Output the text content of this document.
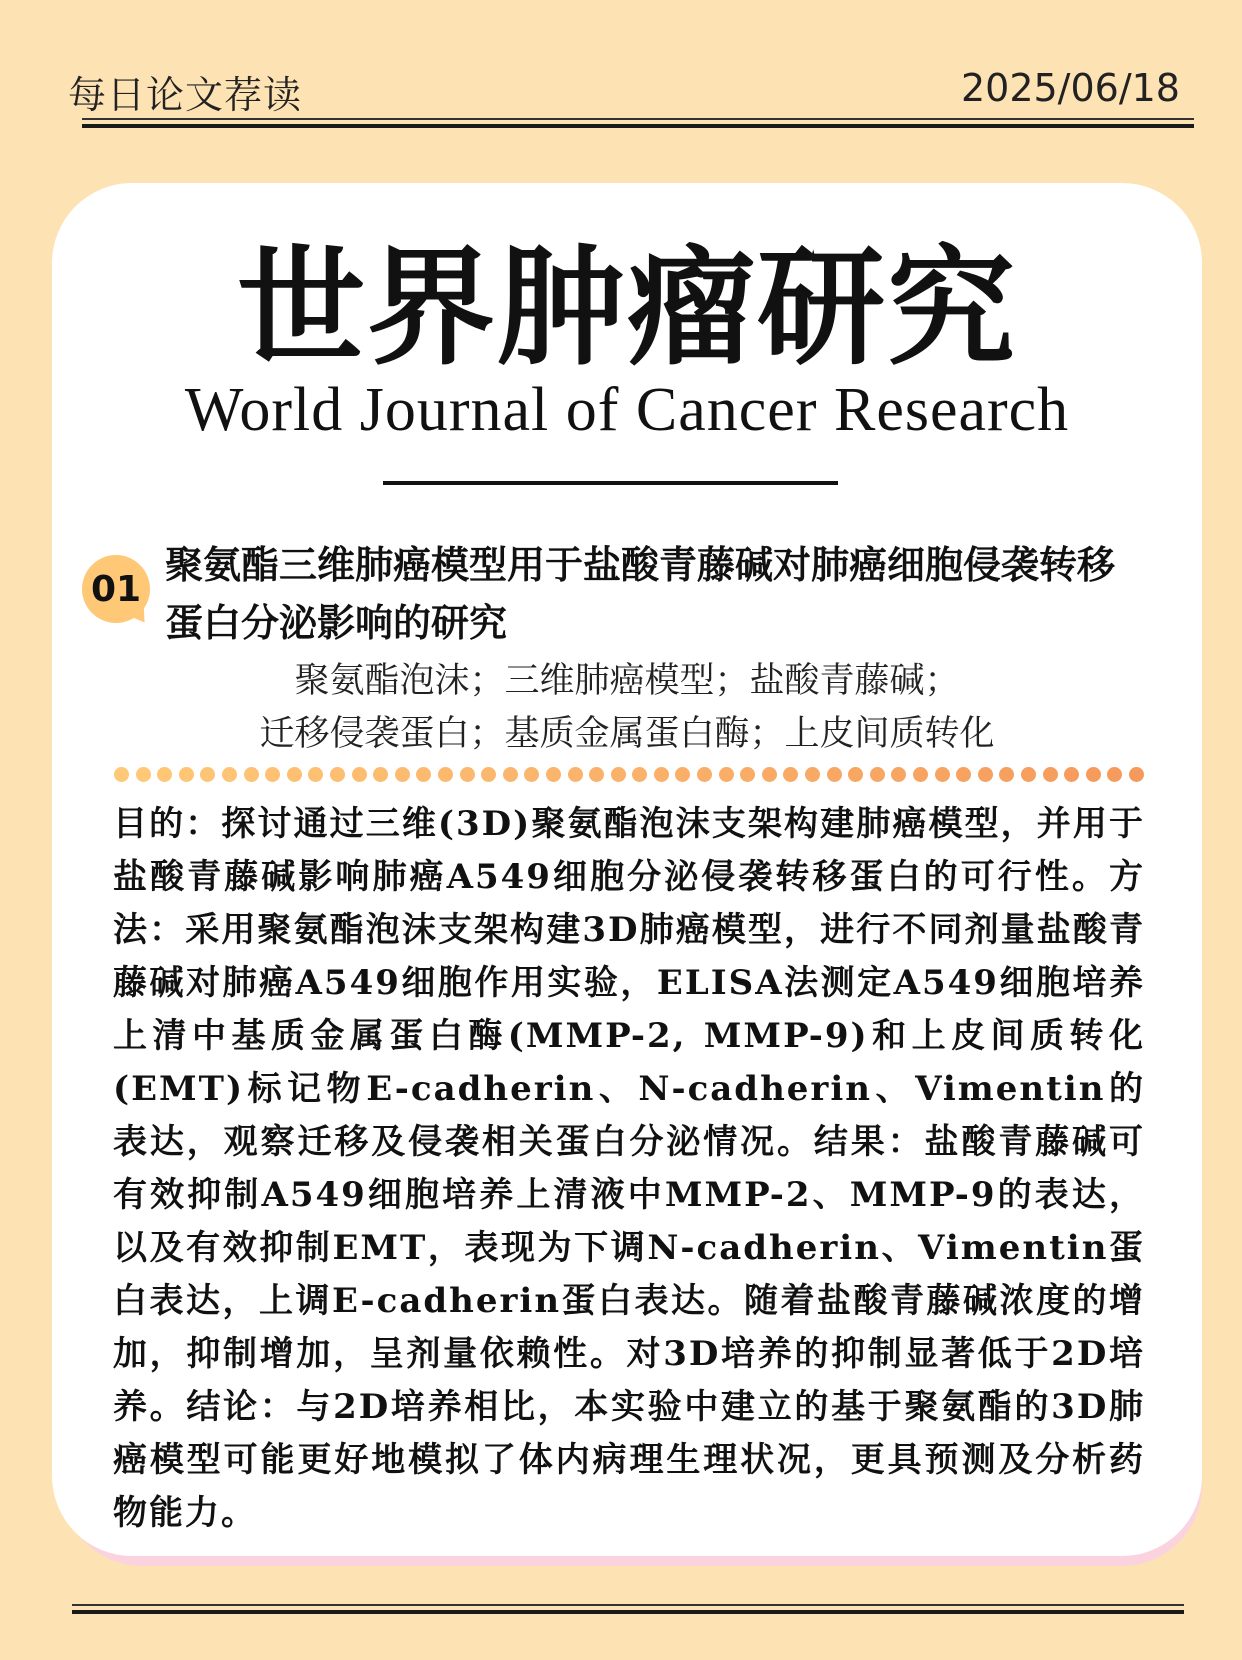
每日论文荐读	2025/06/18
世界肿瘤研究
World Journal of Cancer Research
01
聚氨酯三维肺癌模型用于盐酸青藤碱对肺癌细胞侵袭转移蛋白分泌影响的研究
聚氨酯泡沫；三维肺癌模型；盐酸青藤碱；
迁移侵袭蛋白；基质金属蛋白酶；上皮间质转化
目的：探讨通过三维(3D)聚氨酯泡沫支架构建肺癌模型，并用于盐酸青藤碱影响肺癌A549细胞分泌侵袭转移蛋白的可行性。方法：采用聚氨酯泡沫支架构建3D肺癌模型，进行不同剂量盐酸青藤碱对肺癌A549细胞作用实验，ELISA法测定A549细胞培养上清中基质金属蛋白酶(MMP-2, MMP-9)和上皮间质转化(EMT)标记物E-cadherin、N-cadherin、Vimentin的表达，观察迁移及侵袭相关蛋白分泌情况。结果：盐酸青藤碱可有效抑制A549细胞培养上清液中MMP-2、MMP-9的表达，以及有效抑制EMT，表现为下调N-cadherin、Vimentin蛋白表达，上调E-cadherin蛋白表达。随着盐酸青藤碱浓度的增加，抑制增加，呈剂量依赖性。对3D培养的抑制显著低于2D培养。结论：与2D培养相比，本实验中建立的基于聚氨酯的3D肺癌模型可能更好地模拟了体内病理生理状况，更具预测及分析药物能力。
